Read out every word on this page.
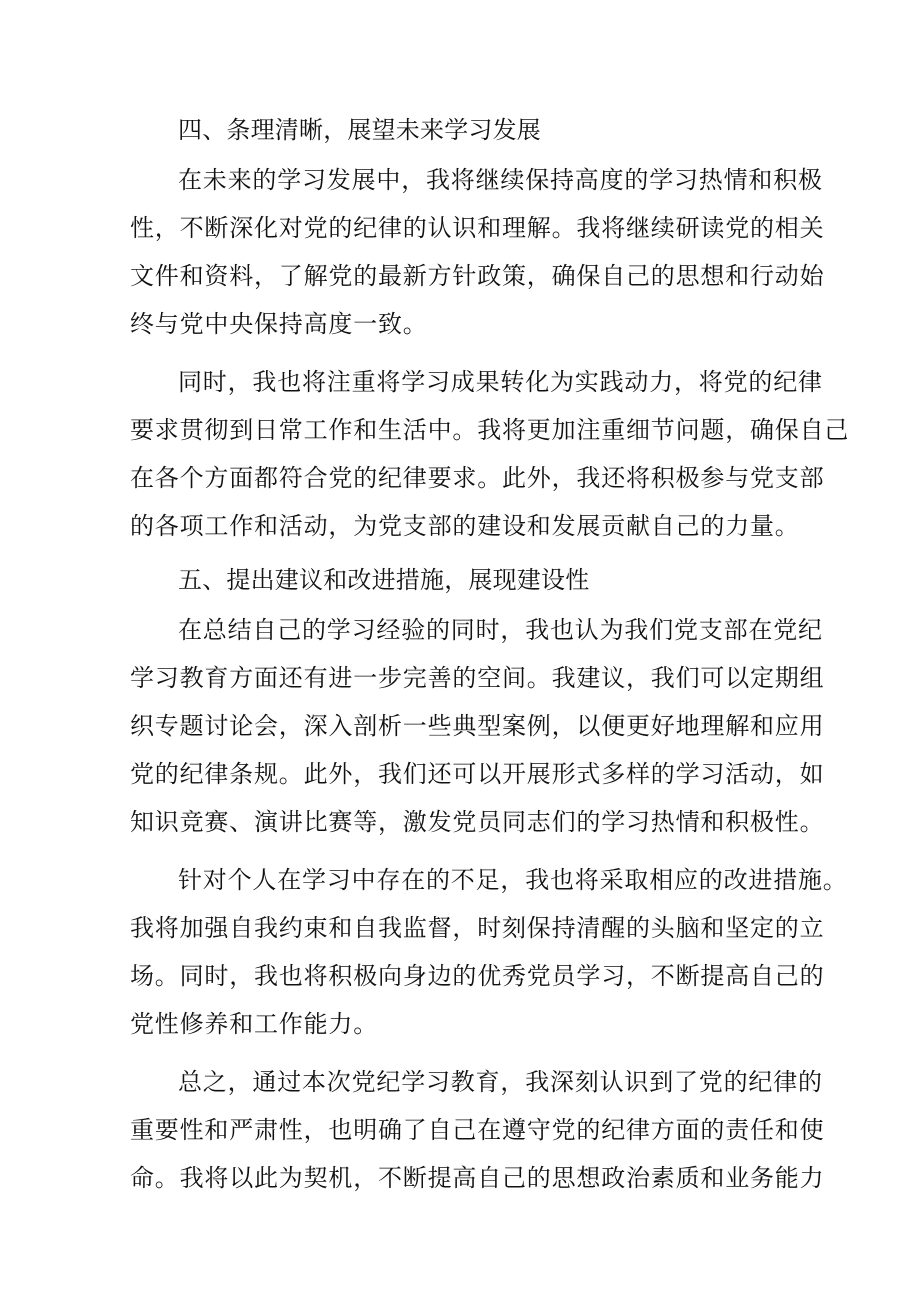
四、条理清晰，展望未来学习发展

在未来的学习发展中，我将继续保持高度的学习热情和积极
性，不断深化对党的纪律的认识和理解。我将继续研读党的相关
文件和资料，了解党的最新方针政策，确保自己的思想和行动始
终与党中央保持高度一致。

同时，我也将注重将学习成果转化为实践动力，将党的纪律
要求贯彻到日常工作和生活中。我将更加注重细节问题，确保自己
在各个方面都符合党的纪律要求。此外，我还将积极参与党支部
的各项工作和活动，为党支部的建设和发展贡献自己的力量。

五、提出建议和改进措施，展现建设性

在总结自己的学习经验的同时，我也认为我们党支部在党纪
学习教育方面还有进一步完善的空间。我建议，我们可以定期组
织专题讨论会，深入剖析一些典型案例，以便更好地理解和应用
党的纪律条规。此外，我们还可以开展形式多样的学习活动，如
知识竞赛、演讲比赛等，激发党员同志们的学习热情和积极性。

针对个人在学习中存在的不足，我也将采取相应的改进措施。
我将加强自我约束和自我监督，时刻保持清醒的头脑和坚定的立
场。同时，我也将积极向身边的优秀党员学习，不断提高自己的
党性修养和工作能力。

总之，通过本次党纪学习教育，我深刻认识到了党的纪律的
重要性和严肃性，也明确了自己在遵守党的纪律方面的责任和使
命。我将以此为契机，不断提高自己的思想政治素质和业务能力
